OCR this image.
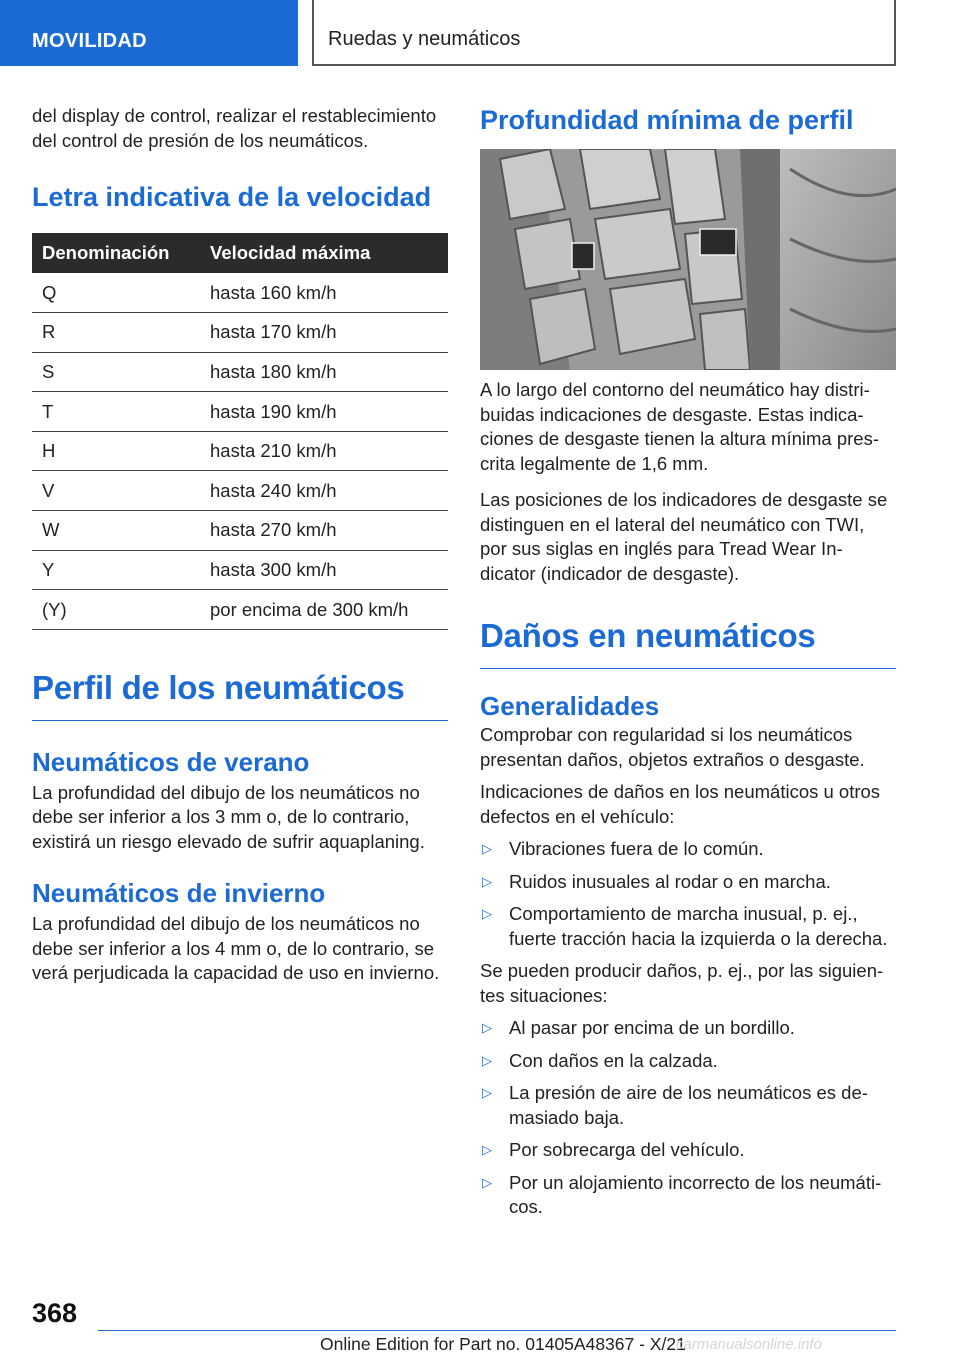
MOVILIDAD	Ruedas y neumáticos

del display de control, realizar el restablecimiento del control de presión de los neumáticos.

Letra indicativa de la velocidad
Denominación	Velocidad máxima
Q	hasta 160 km/h
R	hasta 170 km/h
S	hasta 180 km/h
T	hasta 190 km/h
H	hasta 210 km/h
V	hasta 240 km/h
W	hasta 270 km/h
Y	hasta 300 km/h
(Y)	por encima de 300 km/h
Perfil de los neumáticos
Neumáticos de verano

La profundidad del dibujo de los neumáticos no debe ser inferior a los 3 mm o, de lo contrario, existirá un riesgo elevado de sufrir aquaplaning.

Neumáticos de invierno

La profundidad del dibujo de los neumáticos no debe ser inferior a los 4 mm o, de lo contrario, se verá perjudicada la capacidad de uso en invierno.

Profundidad mínima de perfil

A lo largo del contorno del neumático hay distri-buidas indicaciones de desgaste. Estas indica-ciones de desgaste tienen la altura mínima pres-crita legalmente de 1,6 mm.

Las posiciones de los indicadores de desgaste se distinguen en el lateral del neumático con TWI, por sus siglas en inglés para Tread Wear In-dicator (indicador de desgaste).

Daños en neumáticos
Generalidades

Comprobar con regularidad si los neumáticos presentan daños, objetos extraños o desgaste.

Indicaciones de daños en los neumáticos u otros defectos en el vehículo:

▷ Vibraciones fuera de lo común.
▷ Ruidos inusuales al rodar o en marcha.
▷ Comportamiento de marcha inusual, p. ej., fuerte tracción hacia la izquierda o la derecha.

Se pueden producir daños, p. ej., por las siguien-tes situaciones:

▷ Al pasar por encima de un bordillo.
▷ Con daños en la calzada.
▷ La presión de aire de los neumáticos es de-masiado baja.
▷ Por sobrecarga del vehículo.
▷ Por un alojamiento incorrecto de los neumáti-cos.
368
Online Edition for Part no. 01405A48367 - X/21
carmanualsonline.info
